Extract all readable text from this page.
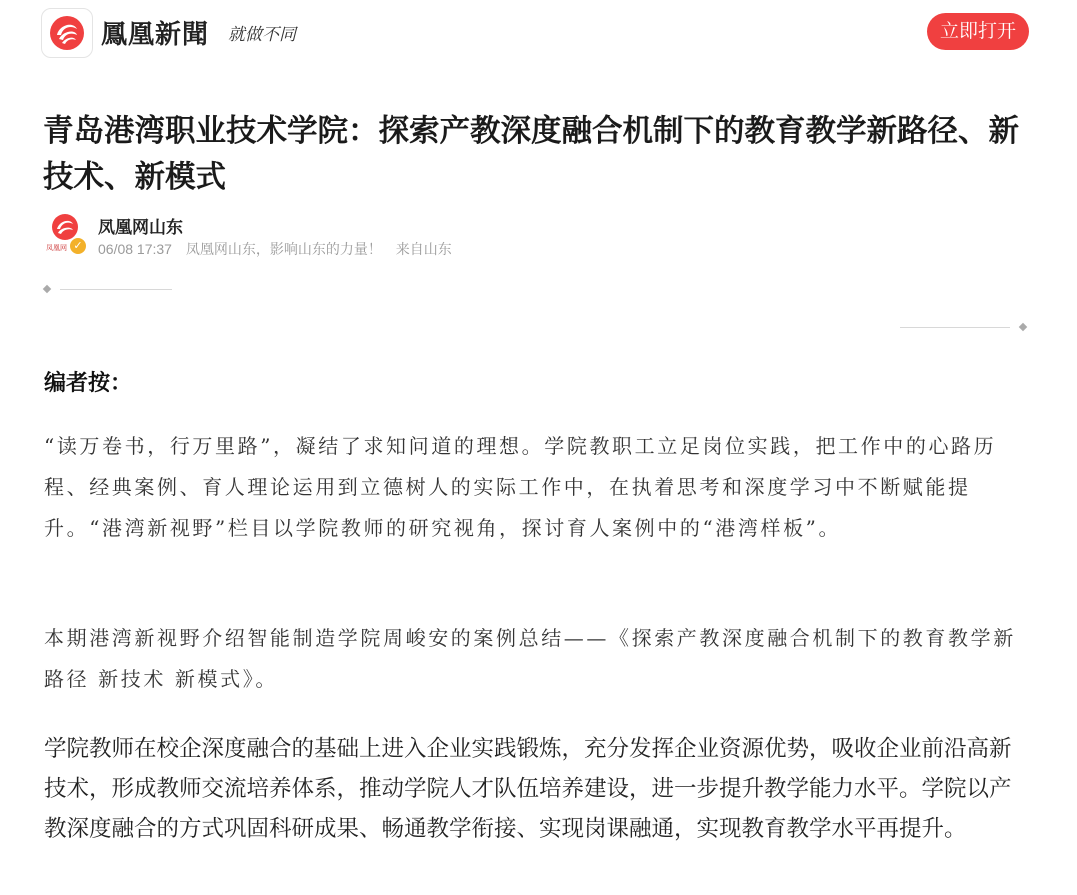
鳳凰新聞 就做不同	立即打开
青岛港湾职业技术学院：探索产教深度融合机制下的教育教学新路径、新技术、新模式
凤凰网 ✓
凤凰网山东
06/08 17:37 凤凰网山东，影响山东的力量！ 来自山东
编者按：

“读万卷书，行万里路”，凝结了求知问道的理想。学院教职工立足岗位实践，把工作中的心路历程、经典案例、育人理论运用到立德树人的实际工作中，在执着思考和深度学习中不断赋能提升。“港湾新视野”栏目以学院教师的研究视角，探讨育人案例中的“港湾样板”。

本期港湾新视野介绍智能制造学院周峻安的案例总结——《探索产教深度融合机制下的教育教学新路径 新技术 新模式》。

学院教师在校企深度融合的基础上进入企业实践锻炼，充分发挥企业资源优势，吸收企业前沿高新技术，形成教师交流培养体系，推动学院人才队伍培养建设，进一步提升教学能力水平。学院以产教深度融合的方式巩固科研成果、畅通教学衔接、实现岗课融通，实现教育教学水平再提升。
